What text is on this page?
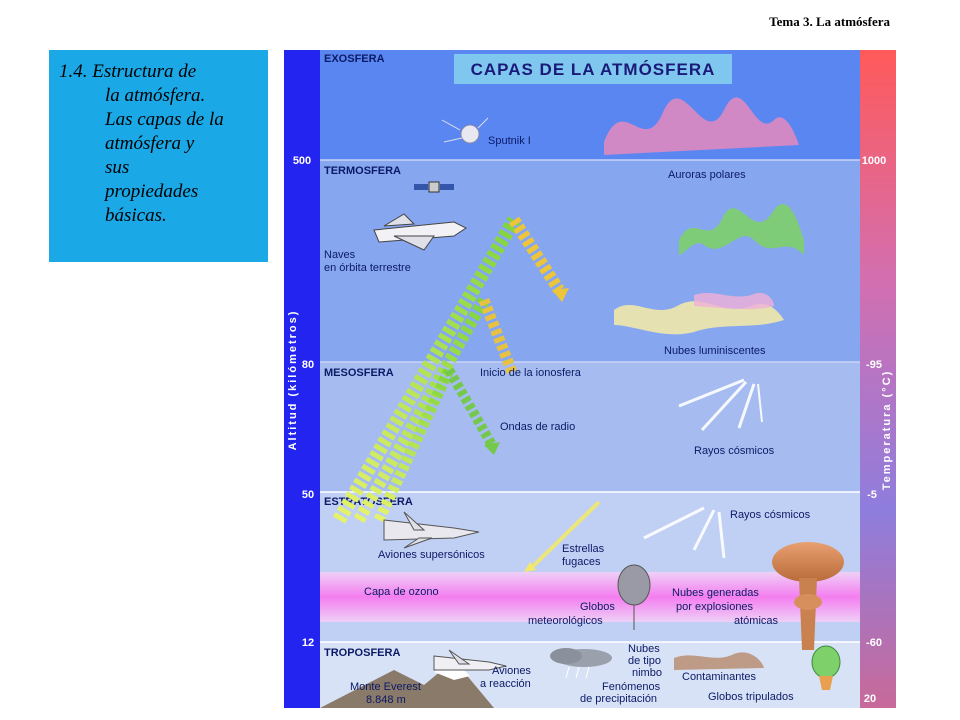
Tema 3. La atmósfera
1.4. Estructura de
la atmósfera.
Las capas de la
atmósfera y
sus
propiedades
básicas.
Altitud (kilómetros)	Temperatura (°C)
500
80
50
12
1000
-95
-5
-60
20
CAPAS DE LA ATMÓSFERA
EXOSFERA
TERMOSFERA
MESOSFERA
ESTRATOSFERA
TROPOSFERA
Sputnik I
Naves
en órbita terrestre
Auroras polares
Nubes luminiscentes
Inicio de la ionosfera
Ondas de radio
Rayos cósmicos
Aviones supersónicos	Estrellas
fugaces
Rayos cósmicos
Capa de ozono
Globos
meteorológicos
Nubes generadas
por explosiones
atómicas
Monte Everest
8.848 m
Aviones
a reacción
Nubes
de tipo
nimbo
Fenómenos
de precipitación
Contaminantes
Globos tripulados
